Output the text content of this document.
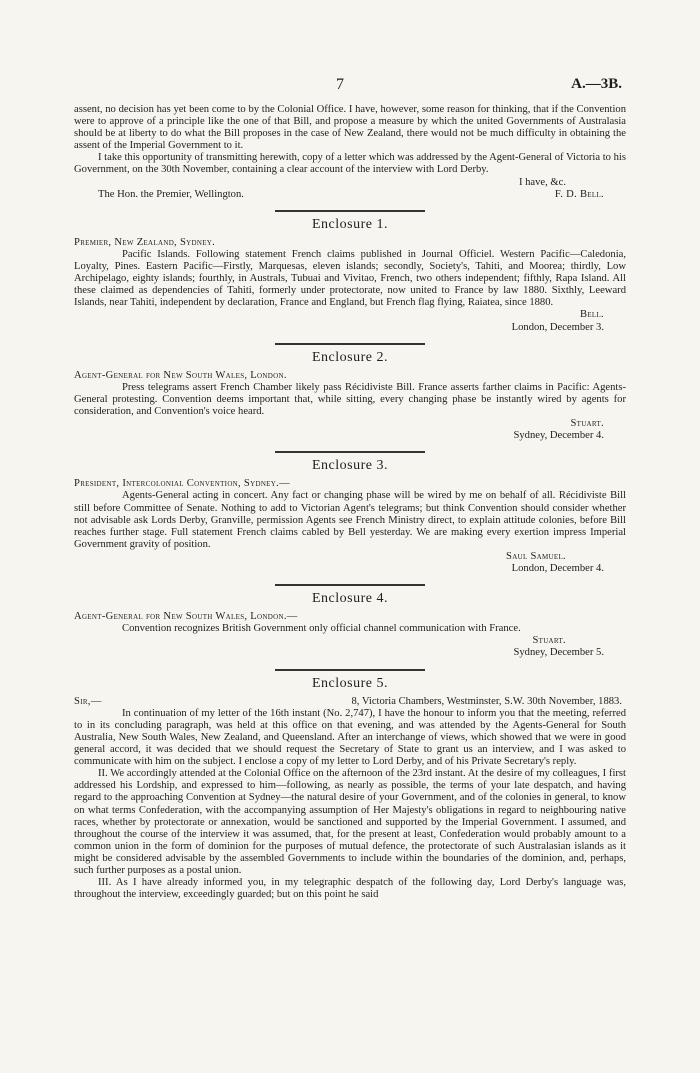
7	A.—3B.

assent, no decision has yet been come to by the Colonial Office. I have, however, some reason for thinking, that if the Convention were to approve of a principle like the one of that Bill, and propose a measure by which the united Governments of Australasia should be at liberty to do what the Bill proposes in the case of New Zealand, there would not be much difficulty in obtaining the assent of the Imperial Government to it.

I take this opportunity of transmitting herewith, copy of a letter which was addressed by the Agent-General of Victoria to his Government, on the 30th November, containing a clear account of the interview with Lord Derby.

I have, &c.
The Hon. the Premier, Wellington.	F. D. Bell.
Enclosure 1.

Premier, New Zealand, Sydney.

Pacific Islands. Following statement French claims published in Journal Officiel. Western Pacific—Caledonia, Loyalty, Pines. Eastern Pacific—Firstly, Marquesas, eleven islands; secondly, Society's, Tahiti, and Moorea; thirdly, Low Archipelago, eighty islands; fourthly, in Australs, Tubuai and Vivitao, French, two others independent; fifthly, Rapa Island. All these claimed as dependencies of Tahiti, formerly under protectorate, now united to France by law 1880. Sixthly, Leeward Islands, near Tahiti, independent by declaration, France and England, but French flag flying, Raiatea, since 1880.

Bell.

London, December 3.

Enclosure 2.

Agent-General for New South Wales, London.

Press telegrams assert French Chamber likely pass Récidiviste Bill. France asserts farther claims in Pacific: Agents-General protesting. Convention deems important that, while sitting, every changing phase be instantly wired by agents for consideration, and Convention's voice heard.

Stuart.

Sydney, December 4.

Enclosure 3.

President, Intercolonial Convention, Sydney.—

Agents-General acting in concert. Any fact or changing phase will be wired by me on behalf of all. Récidiviste Bill still before Committee of Senate. Nothing to add to Victorian Agent's telegrams; but think Convention should consider whether not advisable ask Lords Derby, Granville, permission Agents see French Ministry direct, to explain attitude colonies, before Bill reaches further stage. Full statement French claims cabled by Bell yesterday. We are making every exertion impress Imperial Government gravity of position.

Saul Samuel.

London, December 4.

Enclosure 4.

Agent-General for New South Wales, London.—

Convention recognizes British Government only official channel communication with France.

Stuart.

Sydney, December 5.

Enclosure 5.
Sir,—	8, Victoria Chambers, Westminster, S.W. 30th November, 1883.

In continuation of my letter of the 16th instant (No. 2,747), I have the honour to inform you that the meeting, referred to in its concluding paragraph, was held at this office on that evening, and was attended by the Agents-General for South Australia, New South Wales, New Zealand, and Queensland. After an interchange of views, which showed that we were in good general accord, it was decided that we should request the Secretary of State to grant us an interview, and I was asked to communicate with him on the subject. I enclose a copy of my letter to Lord Derby, and of his Private Secretary's reply.

II. We accordingly attended at the Colonial Office on the afternoon of the 23rd instant. At the desire of my colleagues, I first addressed his Lordship, and expressed to him—following, as nearly as possible, the terms of your late despatch, and having regard to the approaching Convention at Sydney—the natural desire of your Government, and of the colonies in general, to know on what terms Confederation, with the accompanying assumption of Her Majesty's obligations in regard to neighbouring native races, whether by protectorate or annexation, would be sanctioned and supported by the Imperial Government. I assumed, and throughout the course of the interview it was assumed, that, for the present at least, Confederation would probably amount to a common union in the form of dominion for the purposes of mutual defence, the protectorate of such Australasian islands as it might be considered advisable by the assembled Governments to include within the boundaries of the dominion, and, perhaps, such further purposes as a postal union.

III. As I have already informed you, in my telegraphic despatch of the following day, Lord Derby's language was, throughout the interview, exceedingly guarded; but on this point he said
